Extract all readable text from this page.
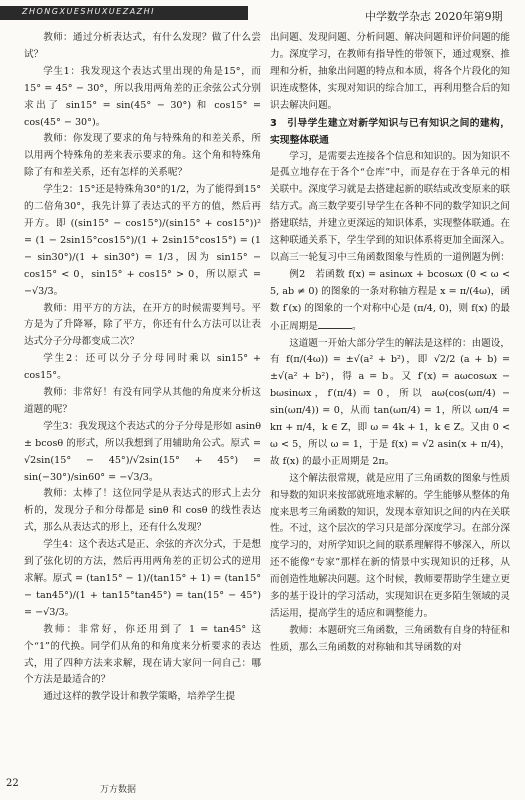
ZHONGXUESHUXUEZAZHI	中学数学杂志 2020年第9期

教师：通过分析表达式，有什么发现？做了什么尝试？

学生1：我发现这个表达式里出现的角是15°，而15° = 45° − 30°，所以我用两角差的正余弦公式分别求出了 sin15° = sin(45° − 30°) 和 cos15° = cos(45° − 30°)。

教师：你发现了要求的角与特殊角的和差关系，所以用两个特殊角的差来表示要求的角。这个角和特殊角除了有和差关系，还有怎样的关系呢？

学生2：15°还是特殊角30°的1/2，为了能得到15°的二倍角30°，我先计算了表达式的平方的值，然后再开方。即 ((sin15° − cos15°)/(sin15° + cos15°))² = (1 − 2sin15°cos15°)/(1 + 2sin15°cos15°) = (1 − sin30°)/(1 + sin30°) = 1/3，因为 sin15° − cos15° < 0，sin15° + cos15° > 0，所以原式 = −√3/3。

教师：用平方的方法，在开方的时候需要判号。平方是为了升降幂，除了平方，你还有什么方法可以让表达式分子分母都变成二次？

学生2：还可以分子分母同时乘以 sin15° + cos15°。

教师：非常好！有没有同学从其他的角度来分析这道题的呢？

学生3：我发现这个表达式的分子分母是形如 asinθ ± bcosθ 的形式，所以我想到了用辅助角公式。原式 = √2sin(15° − 45°)/√2sin(15° + 45°) = sin(−30°)/sin60° = −√3/3。

教师：太棒了！这位同学是从表达式的形式上去分析的，发现分子和分母都是 sinθ 和 cosθ 的线性表达式，那么从表达式的形上，还有什么发现？

学生4：这个表达式是正、余弦的齐次分式，于是想到了弦化切的方法，然后再用两角差的正切公式的逆用求解。原式 = (tan15° − 1)/(tan15° + 1) = (tan15° − tan45°)/(1 + tan15°tan45°) = tan(15° − 45°) = −√3/3。

教师：非常好，你还用到了 1 = tan45° 这个“1”的代换。同学们从角的和角度来分析要求的表达式，用了四种方法来求解，现在请大家问一问自己：哪个方法是最适合的？

通过这样的教学设计和教学策略，培养学生提

出问题、发现问题、分析问题、解决问题和评价问题的能力。深度学习，在教师有指导性的带领下，通过观察、推理和分析，抽象出问题的特点和本质，将各个片段化的知识连成整体，实现对知识的综合加工，再利用整合后的知识去解决问题。

3　引导学生建立对新学知识与已有知识之间的建构，实现整体联通

学习，是需要去连接各个信息和知识的。因为知识不是孤立地存在于各个“仓库”中，而是存在于各单元的相关联中。深度学习就是去搭建起新的联结或改变原来的联结方式。高三数学要引导学生在各种不同的数学知识之间搭建联结，并建立更深远的知识体系，实现整体联通。在这种联通关系下，学生学到的知识体系将更加全面深入。以高三一轮复习中三角函数图象与性质的一道例题为例：

例2　若函数 f(x) = asinωx + bcosωx (0 < ω < 5, ab ≠ 0) 的图象的一条对称轴方程是 x = π/(4ω)，函数 f′(x) 的图象的一个对称中心是 (π/4, 0)，则 f(x) 的最小正周期是	。

这道题一开始大部分学生的解法是这样的：由题设，有 f(π/(4ω)) = ±√(a² + b²)，即 √2/2 (a + b) = ±√(a² + b²)，得 a = b。又 f′(x) = aωcosωx − bωsinωx，f′(π/4) = 0，所以 aω(cos(ωπ/4) − sin(ωπ/4)) = 0，从而 tan(ωπ/4) = 1，所以 ωπ/4 = kπ + π/4，k ∈ Z，即 ω = 4k + 1，k ∈ Z。又由 0 < ω < 5，所以 ω = 1，于是 f(x) = √2 asin(x + π/4)，故 f(x) 的最小正周期是 2π。

这个解法很常规，就是应用了三角函数的图象与性质和导数的知识来按部就班地求解的。学生能够从整体的角度来思考三角函数的知识，发现本章知识之间的内在关联性。不过，这个层次的学习只是部分深度学习。在部分深度学习的，对所学知识之间的联系理解得不够深入，所以还不能像“专家”那样在新的情景中实现知识的迁移，从而创造性地解决问题。这个时候，教师要帮助学生建立更多的基于设计的学习活动，实现知识在更多陌生领域的灵活运用，提高学生的适应和调整能力。

教师：本题研究三角函数，三角函数有自身的特征和性质，那么三角函数的对称轴和其导函数的对

22
万方数据
